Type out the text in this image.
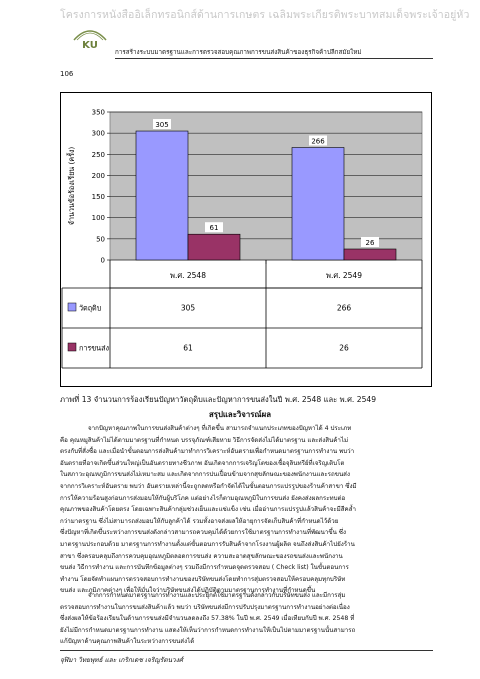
โครงการหนังสืออิเล็กทรอนิกส์ด้านการเกษตร เฉลิมพระเกียรติพระบาทสมเด็จพระเจ้าอยู่หัว
KU
การสร้างระบบมาตรฐานและการตรวจสอบคุณภาพการขนส่งสินค้าของธุรกิจค้าปลีกสมัยใหม่
106
0
50
100
150
200
250
300
350
จำนวนข้อร้องเรียน (ครั้ง)
305
61
266
26
พ.ศ. 2548	พ.ศ. 2549
วัตถุดิบ	305	266
การขนส่ง	61	26
ภาพที่ 13 จำนวนการร้องเรียนปัญหาวัตถุดิบและปัญหาการขนส่งในปี พ.ศ. 2548 และ พ.ศ. 2549
สรุปและวิจารณ์ผล
จากปัญหาคุณภาพในการขนส่งสินค้าต่างๆ ที่เกิดขึ้น สามารถจำแนกประเภทของปัญหาได้ 4 ประเภท
คือ คุณหมูสินค้าไม่ได้ตามมาตรฐานที่กำหนด บรรจุภัณฑ์เสียหาย วิธีการจัดส่งไม่ได้มาตรฐาน และส่งสินค้าไม่
ตรงกับที่สั่งซื้อ และเมื่อนำขั้นตอนการส่งสินค้ามาทำการวิเคราะห์อันตรายเพื่อกำหนดมาตรฐานการทำงาน พบว่า
อันตรายที่อาจเกิดขึ้นส่วนใหญ่เป็นอันตรายทางชีวภาพ อันเกิดจากการเจริญโตของเชื้อจุลินทรีย์ที่เจริญเติบโต
ในสภาวะอุณหภูมิการขนส่งไม่เหมาะสม และเกิดจากการปนเปื้อนข้ามจากสุขลักษณะของพนักงานและรถขนส่ง
จากการวิเคราะห์อันตราย พบว่า อันตรายเหล่านี้จะถูกลดหรือกำจัดได้ในขั้นตอนการแปรรูปของร้านค้าสาขา ซึ่งมี
การให้ความร้อนสูงก่อนการส่งมอบให้กับผู้บริโภค แต่อย่างไรก็ตามอุณหภูมิในการขนส่ง ยังคงส่งผลกระทบต่อ
คุณภาพของสินค้าโดยตรง โดยเฉพาะสินค้ากลุ่มช่วงเย็นและแช่แข็ง เช่น เมื่ออ่านการแปรรูปแล้วสินค้าจะมีสีคล้ำ
กว่ามาตรฐาน ซึ่งไม่สามารถส่งมอบให้กับลูกค้าได้ รวมทั้งอาจส่งผลให้อายุการจัดเก็บสินค้าที่กำหนดไว้ด้วย
ซึ่งปัญหาที่เกิดขึ้นระหว่างการขนส่งดังกล่าวสามารถควบคุมได้ด้วยการใช้มาตรฐานการทำงานที่พัฒนาขึ้น ซึ่ง
มาตรฐานประกอบด้วย มาตรฐานการทำงานตั้งแต่ขั้นตอนการรับสินค้าจากโรงงานผู้ผลิต จนถึงส่งสินค้าไปยังร้าน
สาขา ซึ่งครอบคลุมถึงการควบคุมอุณหภูมิตลอดการขนส่ง ความสะอาดสุขลักษณะของรถขนส่งและพนักงาน
ขนส่ง วิธีการทำงาน และการบันทึกข้อมูลต่างๆ รวมถึงมีการกำหนดจุดตรวจสอบ ( Check list) ในขั้นตอนการ
ทำงาน โดยจัดทำแผนการตรวจสอบการทำงานของบริษัทขนส่งโดยทำการสุ่มตรวจสอบให้ครอบคลุมทุกบริษัท
ขนส่ง และภูมิภาคต่างๆ เพื่อให้มั่นใจว่าบริษัทขนส่งได้ปฏิบัติตามมาตรฐานการทำงานที่กำหนดขึ้น
จากการกำหนดมาตรฐานการทำงานและประยุกต์ใช้มาตรฐานดังกล่าวกับบริษัทขนส่ง และมีการสุ่ม
ตรวจสอบการทำงานในการขนส่งสินค้าแล้ว พบว่า บริษัทขนส่งมีการปรับปรุงมาตรฐานการทำงานอย่างต่อเนื่อง
ซึ่งส่งผลให้ข้อร้องเรียนในด้านการขนส่งมีจำนวนลดลงถึง 57.38% ในปี พ.ศ. 2549 เมื่อเทียบกับปี พ.ศ. 2548 ที่
ยังไม่มีการกำหนดมาตรฐานการทำงาน แสดงให้เห็นว่าการกำหนดการทำงานให้เป็นไปตามมาตรฐานนั้นสามารถ
แก้ปัญหาด้านคุณภาพสินค้าในระหว่างการขนส่งได้
จุฬิมา วิทยพุทธ์ และ เกริกเดช เจริญรัตนวงศ์
